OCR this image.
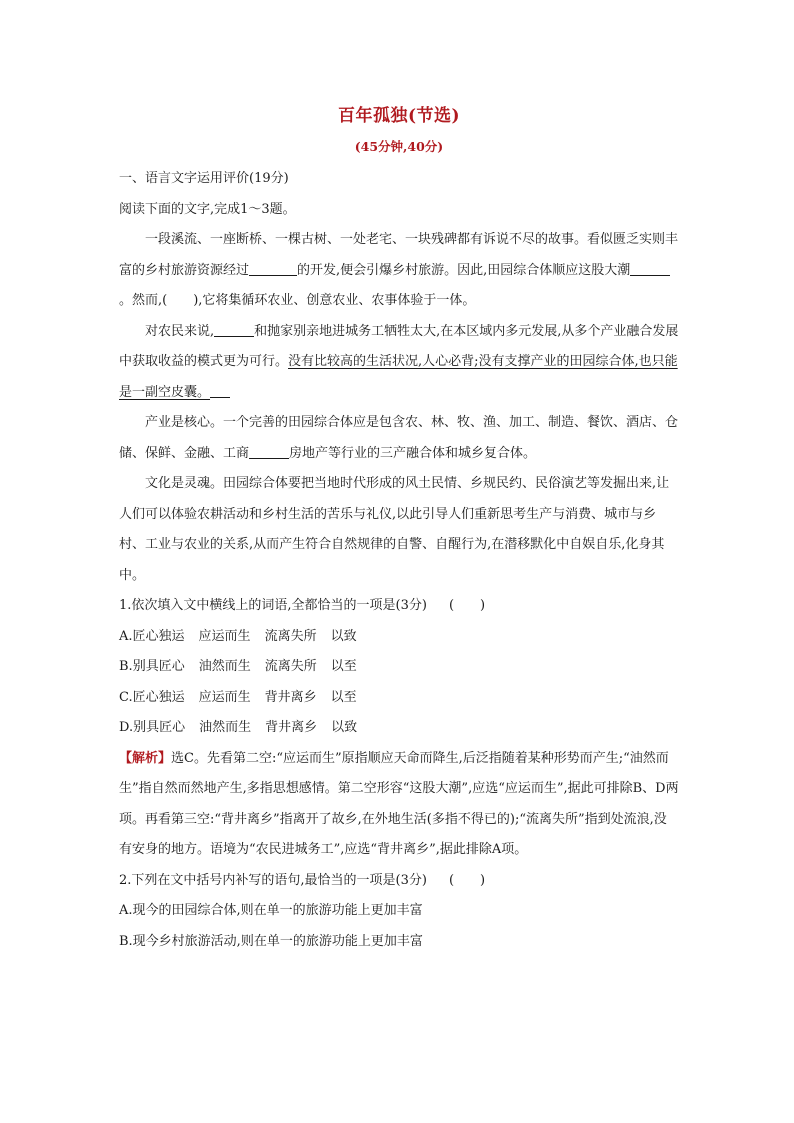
百年孤独(节选)
(45分钟,40分)

一、语言文字运用评价(19分)

阅读下面的文字,完成1～3题。

一段溪流、一座断桥、一棵古树、一处老宅、一块残碑都有诉说不尽的故事。看似匮乏实则丰富的乡村旅游资源经过	的开发,便会引爆乡村旅游。因此,田园综合体顺应这股大潮。然而,(　　),它将集循环农业、创意农业、农事体验于一体。

对农民来说,	和抛家别亲地进城务工牺牲太大,在本区域内多元发展,从多个产业融合发展中获取收益的模式更为可行。没有比较高的生活状况,人心必背;没有支撑产业的田园综合体,也只能是一副空皮囊。

产业是核心。一个完善的田园综合体应是包含农、林、牧、渔、加工、制造、餐饮、酒店、仓储、保鲜、金融、工商	房地产等行业的三产融合体和城乡复合体。

文化是灵魂。田园综合体要把当地时代形成的风土民情、乡规民约、民俗演艺等发掘出来,让人们可以体验农耕活动和乡村生活的苦乐与礼仪,以此引导人们重新思考生产与消费、城市与乡村、工业与农业的关系,从而产生符合自然规律的自警、自醒行为,在潜移默化中自娱自乐,化身其中。

1.依次填入文中横线上的词语,全都恰当的一项是(3分) (　　)

A.匠心独运 应运而生 流离失所 以致
B.别具匠心 油然而生 流离失所 以至
C.匠心独运 应运而生 背井离乡 以至
D.别具匠心 油然而生 背井离乡 以致

【解析】选C。先看第二空:“应运而生”原指顺应天命而降生,后泛指随着某种形势而产生;“油然而生”指自然而然地产生,多指思想感情。第二空形容“这股大潮”,应选“应运而生”,据此可排除B、D两项。再看第三空:“背井离乡”指离开了故乡,在外地生活(多指不得已的);“流离失所”指到处流浪,没有安身的地方。语境为“农民进城务工”,应选“背井离乡”,据此排除A项。

2.下列在文中括号内补写的语句,最恰当的一项是(3分) (　　)

A.现今的田园综合体,则在单一的旅游功能上更加丰富

B.现今乡村旅游活动,则在单一的旅游功能上更加丰富
